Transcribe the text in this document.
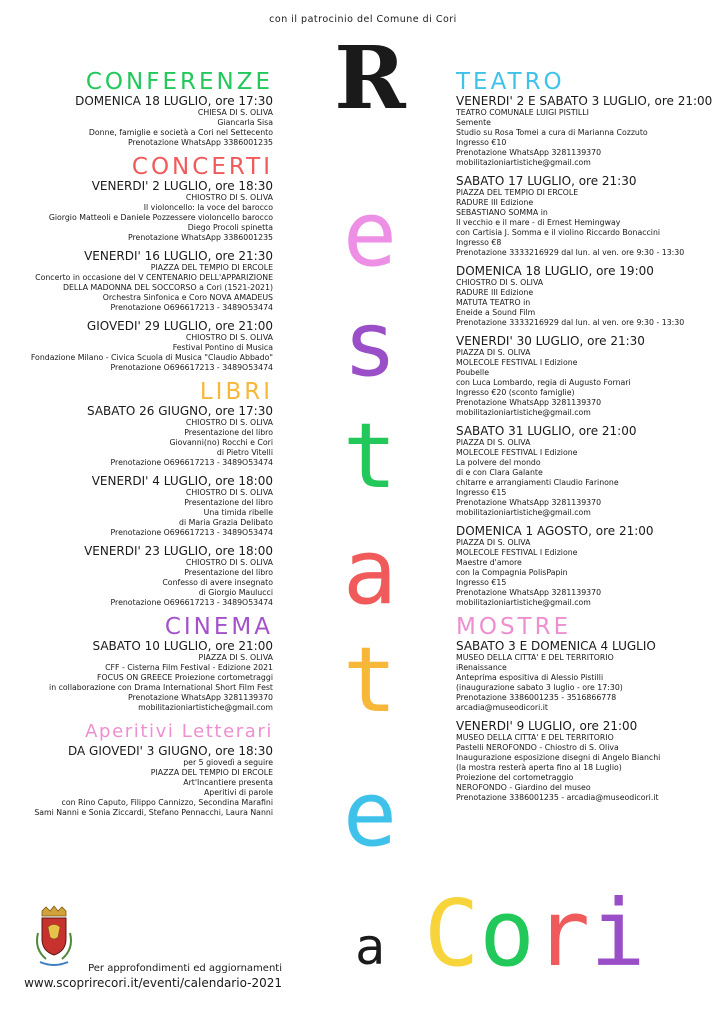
con il patrocinio del Comune di Cori
CONFERENZE
DOMENICA 18 LUGLIO, ore 17:30
CHIESA DI S. OLIVA
Giancarla Sisa
Donne, famiglie e società a Cori nel Settecento
Prenotazione WhatsApp 3386001235
CONCERTI
VENERDI' 2 LUGLIO, ore 18:30
CHIOSTRO DI S. OLIVA
Il violoncello: la voce del barocco
Giorgio Matteoli e Daniele Pozzessere violoncello barocco
Diego Procoli spinetta
Prenotazione WhatsApp 3386001235
VENERDI' 16 LUGLIO, ore 21:30
PIAZZA DEL TEMPIO DI ERCOLE
Concerto in occasione del V CENTENARIO DELL'APPARIZIONE
DELLA MADONNA DEL SOCCORSO a Cori (1521-2021)
Orchestra Sinfonica e Coro NOVA AMADEUS
Prenotazione O696617213 - 3489O53474
GIOVEDI' 29 LUGLIO, ore 21:00
CHIOSTRO DI S. OLIVA
Festival Pontino di Musica
Fondazione Milano - Civica Scuola di Musica "Claudio Abbado"
Prenotazione O696617213 - 3489O53474
LIBRI
SABATO 26 GIUGNO, ore 17:30
CHIOSTRO DI S. OLIVA
Presentazione del libro
Giovanni(no) Rocchi e Cori
di Pietro Vitelli
Prenotazione O696617213 - 3489O53474
VENERDI' 4 LUGLIO, ore 18:00
CHIOSTRO DI S. OLIVA
Presentazione del libro
Una timida ribelle
di Maria Grazia Delibato
Prenotazione O696617213 - 3489O53474
VENERDI' 23 LUGLIO, ore 18:00
CHIOSTRO DI S. OLIVA
Presentazione del libro
Confesso di avere insegnato
di Giorgio Maulucci
Prenotazione O696617213 - 3489O53474
CINEMA
SABATO 10 LUGLIO, ore 21:00
PIAZZA DI S. OLIVA
CFF - Cisterna Film Festival - Edizione 2021
FOCUS ON GREECE Proiezione cortometraggi
in collaborazione con Drama International Short Film Fest
Prenotazione WhatsApp 3281139370
mobilitazioniartistiche@gmail.com
Aperitivi Letterari
DA GIOVEDI' 3 GIUGNO, ore 18:30
per 5 giovedì a seguire
PIAZZA DEL TEMPIO DI ERCOLE
Art'Incantiere presenta
Aperitivi di parole
con Rino Caputo, Filippo Cannizzo, Secondina Marafini
Sami Nanni e Sonia Ziccardi, Stefano Pennacchi, Laura Nanni
TEATRO
VENERDI' 2 E SABATO 3 LUGLIO, ore 21:00
TEATRO COMUNALE LUIGI PISTILLI
Semente
Studio su Rosa Tomei a cura di Marianna Cozzuto
Ingresso €10
Prenotazione WhatsApp 3281139370
mobilitazioniartistiche@gmail.com
SABATO 17 LUGLIO, ore 21:30
PIAZZA DEL TEMPIO DI ERCOLE
RADURE III Edizione
SEBASTIANO SOMMA in
Il vecchio e il mare - di Ernest Hemingway
con Cartisia J. Somma e il violino Riccardo Bonaccini
Ingresso €8
Prenotazione 3333216929 dal lun. al ven. ore 9:30 - 13:30
DOMENICA 18 LUGLIO, ore 19:00
CHIOSTRO DI S. OLIVA
RADURE III Edizione
MATUTA TEATRO in
Eneide a Sound Film
Prenotazione 3333216929 dal lun. al ven. ore 9:30 - 13:30
VENERDI' 30 LUGLIO, ore 21:30
PIAZZA DI S. OLIVA
MOLECOLE FESTIVAL I Edizione
Poubelle
con Luca Lombardo, regia di Augusto Fornari
Ingresso €20 (sconto famiglie)
Prenotazione WhatsApp 3281139370
mobilitazioniartistiche@gmail.com
SABATO 31 LUGLIO, ore 21:00
PIAZZA DI S. OLIVA
MOLECOLE FESTIVAL I Edizione
La polvere del mondo
di e con Clara Galante
chitarre e arrangiamenti Claudio Farinone
Ingresso €15
Prenotazione WhatsApp 3281139370
mobilitazioniartistiche@gmail.com
DOMENICA 1 AGOSTO, ore 21:00
PIAZZA DI S. OLIVA
MOLECOLE FESTIVAL I Edizione
Maestre d'amore
con la Compagnia PolisPapin
Ingresso €15
Prenotazione WhatsApp 3281139370
mobilitazioniartistiche@gmail.com
MOSTRE
SABATO 3 E DOMENICA 4 LUGLIO
MUSEO DELLA CITTA' E DEL TERRITORIO
iRenaissance
Anteprima espositiva di Alessio Pistilli
(inaugurazione sabato 3 luglio - ore 17:30)
Prenotazione 3386001235 - 3516866778
arcadia@museodicori.it
VENERDI' 9 LUGLIO, ore 21:00
MUSEO DELLA CITTA' E DEL TERRITORIO
Pastelli NEROFONDO - Chiostro di S. Oliva
Inaugurazione esposizione disegni di Angelo Bianchi
(la mostra resterà aperta fino al 18 Luglio)
Proiezione del cortometraggio
NEROFONDO - Giardino del museo
Prenotazione 3386001235 - arcadia@museodicori.it
R
e
s
t
a
t
e
a Cori
Per approfondimenti ed aggiornamenti
www.scoprirecori.it/eventi/calendario-2021
